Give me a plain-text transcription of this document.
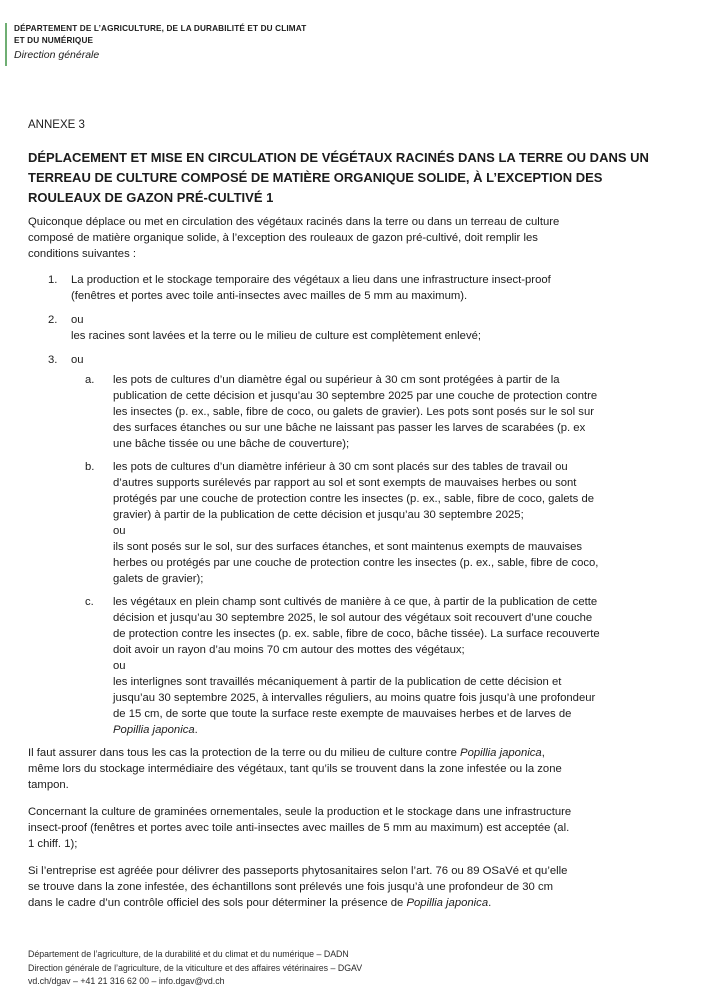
DÉPARTEMENT DE L’AGRICULTURE, DE LA DURABILITÉ ET DU CLIMAT
ET DU NUMÉRIQUE
Direction générale
ANNEXE 3
DÉPLACEMENT ET MISE EN CIRCULATION DE VÉGÉTAUX RACINÉS DANS LA TERRE OU DANS UN
TERREAU DE CULTURE COMPOSÉ DE MATIÈRE ORGANIQUE SOLIDE, À L’EXCEPTION DES
ROULEAUX DE GAZON PRÉ-CULTIVÉ 1
Quiconque déplace ou met en circulation des végétaux racinés dans la terre ou dans un terreau de culture
composé de matière organique solide, à l’exception des rouleaux de gazon pré-cultivé, doit remplir les
conditions suivantes :
1.	La production et le stockage temporaire des végétaux a lieu dans une infrastructure insect-proof
(fenêtres et portes avec toile anti-insectes avec mailles de 5 mm au maximum).
2.	ou
les racines sont lavées et la terre ou le milieu de culture est complètement enlevé;
3.	ou
a.	les pots de cultures d’un diamètre égal ou supérieur à 30 cm sont protégées à partir de la
publication de cette décision et jusqu’au 30 septembre 2025 par une couche de protection contre
les insectes (p. ex., sable, fibre de coco, ou galets de gravier). Les pots sont posés sur le sol sur
des surfaces étanches ou sur une bâche ne laissant pas passer les larves de scarabées (p. ex
une bâche tissée ou une bâche de couverture);
b.	les pots de cultures d’un diamètre inférieur à 30 cm sont placés sur des tables de travail ou
d’autres supports surélevés par rapport au sol et sont exempts de mauvaises herbes ou sont
protégés par une couche de protection contre les insectes (p. ex., sable, fibre de coco, galets de
gravier) à partir de la publication de cette décision et jusqu’au 30 septembre 2025;
ou
ils sont posés sur le sol, sur des surfaces étanches, et sont maintenus exempts de mauvaises
herbes ou protégés par une couche de protection contre les insectes (p. ex., sable, fibre de coco,
galets de gravier);
c.	les végétaux en plein champ sont cultivés de manière à ce que, à partir de la publication de cette
décision et jusqu’au 30 septembre 2025, le sol autour des végétaux soit recouvert d’une couche
de protection contre les insectes (p. ex. sable, fibre de coco, bâche tissée). La surface recouverte
doit avoir un rayon d’au moins 70 cm autour des mottes des végétaux;
ou
les interlignes sont travaillés mécaniquement à partir de la publication de cette décision et
jusqu’au 30 septembre 2025, à intervalles réguliers, au moins quatre fois jusqu’à une profondeur
de 15 cm, de sorte que toute la surface reste exempte de mauvaises herbes et de larves de
Popillia japonica.
Il faut assurer dans tous les cas la protection de la terre ou du milieu de culture contre Popillia japonica,
même lors du stockage intermédiaire des végétaux, tant qu’ils se trouvent dans la zone infestée ou la zone
tampon.
Concernant la culture de graminées ornementales, seule la production et le stockage dans une infrastructure
insect-proof (fenêtres et portes avec toile anti-insectes avec mailles de 5 mm au maximum) est acceptée (al.
1 chiff. 1);
Si l’entreprise est agréée pour délivrer des passeports phytosanitaires selon l’art. 76 ou 89 OSaVé et qu’elle
se trouve dans la zone infestée, des échantillons sont prélevés une fois jusqu’à une profondeur de 30 cm
dans le cadre d’un contrôle officiel des sols pour déterminer la présence de Popillia japonica.
Département de l’agriculture, de la durabilité et du climat et du numérique – DADN
Direction générale de l’agriculture, de la viticulture et des affaires vétérinaires – DGAV
vd.ch/dgav – +41 21 316 62 00 – info.dgav@vd.ch
